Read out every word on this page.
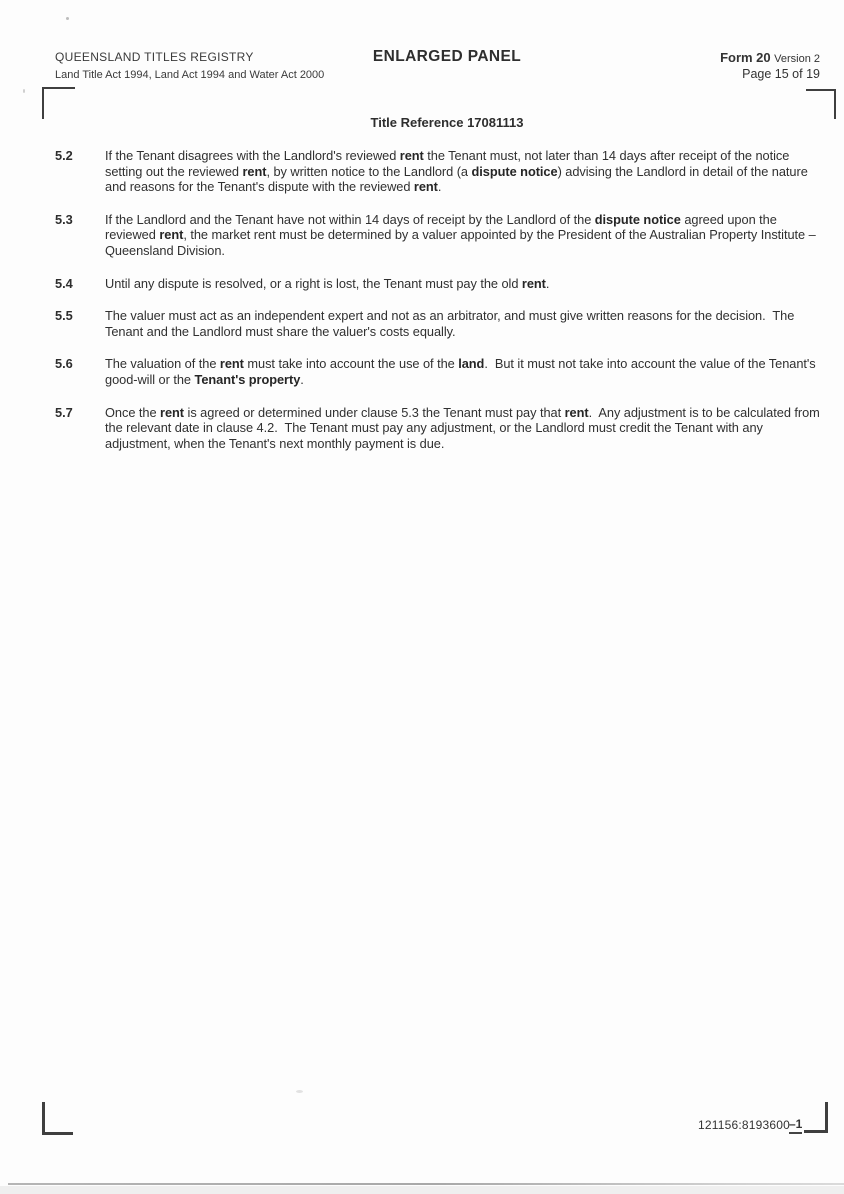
QUEENSLAND TITLES REGISTRY
Land Title Act 1994, Land Act 1994 and Water Act 2000
ENLARGED PANEL	Form 20 Version 2
Page 15 of 19
Title Reference 17081113
5.2	If the Tenant disagrees with the Landlord's reviewed rent the Tenant must, not later than 14 days after receipt of the notice setting out the reviewed rent, by written notice to the Landlord (a dispute notice) advising the Landlord in detail of the nature and reasons for the Tenant's dispute with the reviewed rent.
5.3	If the Landlord and the Tenant have not within 14 days of receipt by the Landlord of the dispute notice agreed upon the reviewed rent, the market rent must be determined by a valuer appointed by the President of the Australian Property Institute – Queensland Division.
5.4	Until any dispute is resolved, or a right is lost, the Tenant must pay the old rent.
5.5	The valuer must act as an independent expert and not as an arbitrator, and must give written reasons for the decision.  The Tenant and the Landlord must share the valuer's costs equally.
5.6	The valuation of the rent must take into account the use of the land.  But it must not take into account the value of the Tenant's good-will or the Tenant's property.
5.7	Once the rent is agreed or determined under clause 5.3 the Tenant must pay that rent.  Any adjustment is to be calculated from the relevant date in clause 4.2.  The Tenant must pay any adjustment, or the Landlord must credit the Tenant with any adjustment, when the Tenant's next monthly payment is due.
121156:8193600 –1
